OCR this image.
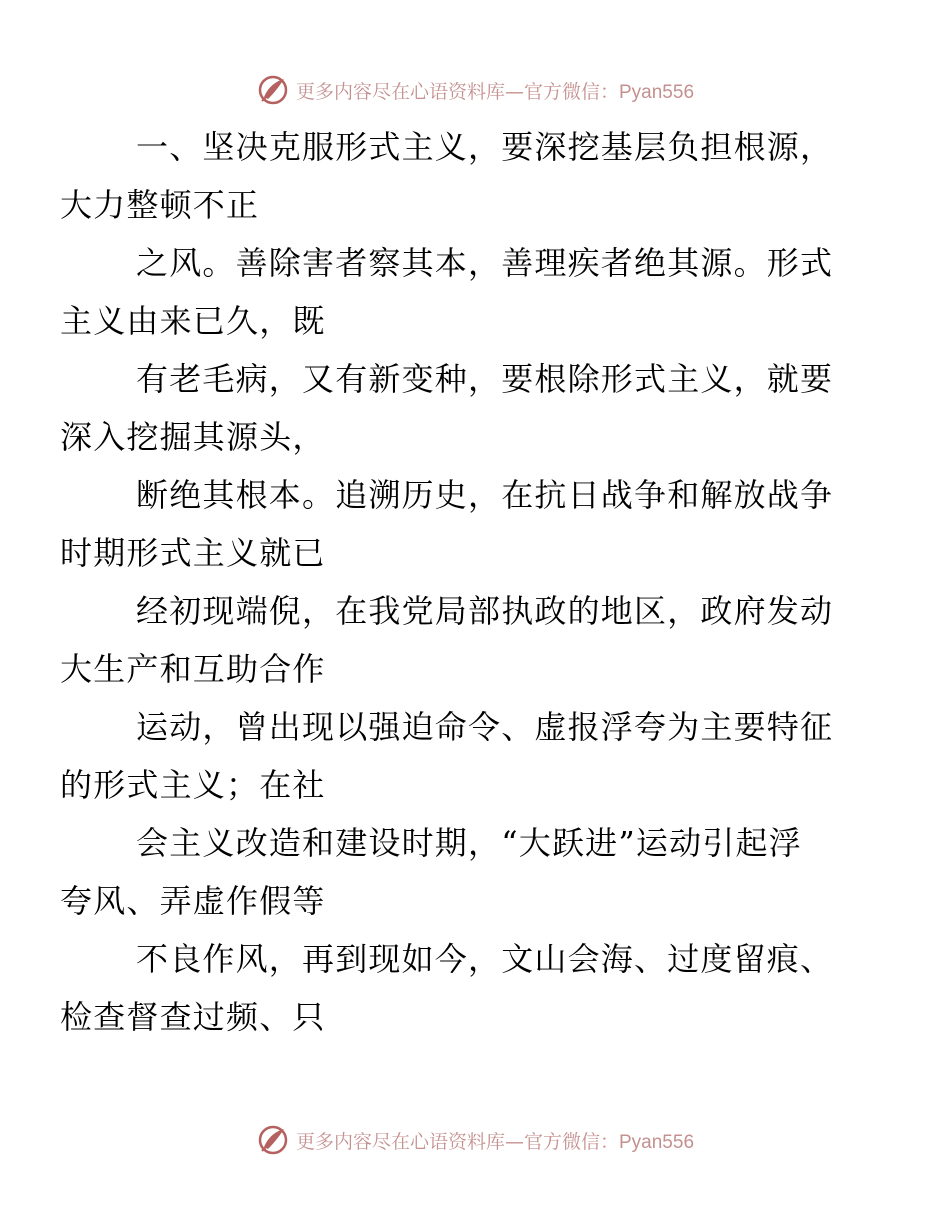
更多内容尽在心语资料库—官方微信：Pyan556

一、坚决克服形式主义，要深挖基层负担根源，
大力整顿不正

之风。善除害者察其本，善理疾者绝其源。形式
主义由来已久，既

有老毛病，又有新变种，要根除形式主义，就要
深入挖掘其源头，

断绝其根本。追溯历史，在抗日战争和解放战争
时期形式主义就已

经初现端倪，在我党局部执政的地区，政府发动
大生产和互助合作

运动，曾出现以强迫命令、虚报浮夸为主要特征
的形式主义；在社

会主义改造和建设时期，“大跃进”运动引起浮
夸风、弄虚作假等

不良作风，再到现如今，文山会海、过度留痕、
检查督查过频、只

更多内容尽在心语资料库—官方微信：Pyan556
